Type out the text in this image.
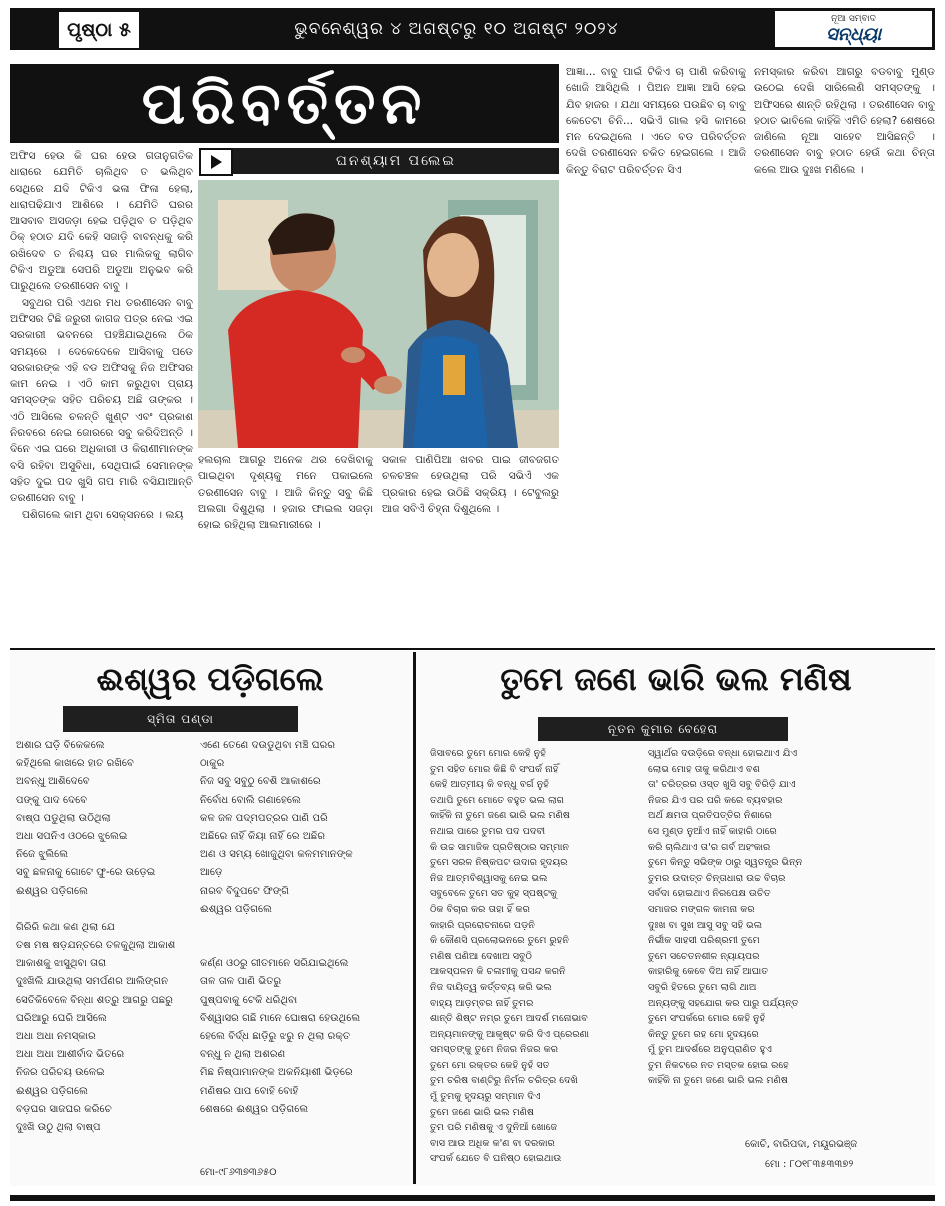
ପୃଷ୍ଠା ୫	ଭୁବନେଶ୍ୱର ୪ ଅଗଷ୍ଟରୁ ୧୦ ଅଗଷ୍ଟ ୨୦୨୪
ନୂଆ ସମ୍ବାଦ
ସନ୍ଧ୍ୟା
ପରିବର୍ତ୍ତନ
ଘନଶ୍ୟାମ ପଲେଇ

ଅଫିସ ହେଉ କି ଘର ହେଉ ଗତାନୁଗତିକ ଧାରାରେ ଯେମିତି ଚାଲିଥିବ ତ ଭଲିଥିବ ସେଥିରେ ଯଦି ଟିକିଏ ଭଳା ଫିଳା ହେଲା, ଧାରାପଢିଯାଏ ଆଶିରେ । ଯେମିତି ଘରର ଆସବାବ ଅସଜଡ଼ା ହେଇ ପଡ଼ିଥିବ ତ ପଡ଼ିଥିବ ଠିକ୍ ହଠାତ ଯଦି କେହି ସଜାଡ଼ି ବାବନ୍ଧକୁ କରି ରଖିଦେବ ତ ନିଶ୍ଚୟ ଘର ମାଲିକକୁ ଲାଗିବ ଟିକିଏ ଅଡୁଆ ସେପରି ଅଡୁଆ ଅନୁଭବ କରି ପାରୁଥିଲେ ତରଣୀସେନ ବାବୁ ।

ସବୁଥର ପରି ଏଥର ମଧ ତରଣୀସେନ ବାବୁ ଅଫିସର ଟିଛି ଜରୁରୀ କାଗଜ ପତ୍ର ନେଇ ଏଇ ସରକାରୀ ଭବନରେ ପହଞ୍ଚିଯାଇଥିଲେ ଠିକ ସମୟରେ । ଦେକେଦେକେ ଆସିବାକୁ ପଡେ ସରକାରଙ୍କ ଏହି ବଡ ଅଫିସକୁ ନିଜ ଅଫିସର କାମ ନେଇ । ଏଠି କାମ କରୁଥିବା ପ୍ରାୟ ସମସ୍ତଙ୍କ ସହିତ ପରିଚୟ ଅଛି ତାଙ୍କର । ଏଠି ଆସିଲେ ଚଳନ୍ତି ଖୁଣ୍ଟ ଏବଂ ପ୍ରକାଶ ନିରବରେ ନେଇ ଜୋରରେ ସବୁ କରିଦିଅନ୍ତି । ଦିନେ ଏଇ ଘରେ ଅଧିକାରୀ ଓ କିରାଣୀମାନଙ୍କ ବସି ରହିବା ଅସୁବିଧା, ସେଥିପାଇଁ ସେମାନଙ୍କ ସହିତ ଦୁଇ ପଦ ଖୁସି ଗପ ମାରି ବସିଯାଆନ୍ତି ତରଣୀସେନ ବାବୁ ।

ପଶିଗଲେ କାମ ଥିବା ସେକ୍ସନରେ । ଲୟ

ହଲଚାଲ ଆଗରୁ ଅନେକ ଥର ଦେଖିବାକୁ ପାଇଥିବା ଦୃଶ୍ୟକୁ ମନେ ପକାଇଲେ ତରଣୀସେନ ବାବୁ । ଆଜି କିନ୍ତୁ ସବୁ କିଛି ଅଲଗା ଦିଶୁଥିଲା । ହଜାର ଫାଇଲ ସଜଡ଼ା ହୋଇ ରହିଥିଲା ଆଲମାରୀରେ ।

ସକାଳ ପାଣିପିଆ ଖବର ପାଇ ଜୀବଜଗତ ଚଳଚଞ୍ଚଳ ହେଉଥିଲା ପରି ସଭିଏଁ ଏକ ପ୍ରକାର ହେଇ ଉଠିଛି ସକ୍ରିୟ । ଟେବୁଲରୁ ଆଜ ସବିଏଁ ଚିହ୍ନା ଦିଶୁଥିଲେ ।

ଆଜ୍ଞା... ବାବୁ ପାଇଁ ଟିକିଏ ଚା ପାଣି କରିବାକୁ ଖୋଜି ଆସିଥିଲି । ପିଅନ ଆଜ୍ଞା ଆସି ହେଇ ଯିବ ହାଜର । ଯଥା ସମୟରେ ପଉଛିବ ଚା ବାବୁ କେତେଟା ଚିନି... ସଭିଏଁ ଗାଲ ହସି କାମରେ ମନ ଦେଇଥିଲେ । ଏତେ ବଡ ପରିବର୍ତ୍ତନ ଦେଖି ତରଣୀସେନ ଚକିତ ହେଇଗଲେ । ଆଜି କିନ୍ତୁ ବିରାଟ ପରିବର୍ତ୍ତନ ସିଏ

ନମସ୍କାର କରିବା ଆଗରୁ ବଡବାବୁ ମୁଣ୍ଡ ଉଠେଇ ଦେଖି ସାରିଲେଣି ସମସ୍ତଙ୍କୁ । ଅଫିସରେ ଶାନ୍ତି ରହିଥିଲା । ତରଣୀସେନ ବାବୁ ହଠାତ ଭାବିଲେ କାହିଁକି ଏମିତି ହେଲା? ଶେଷରେ ଜାଣିଲେ ନୂଆ ସାହେବ ଆସିଛନ୍ତି । ତରଣୀସେନ ବାବୁ ହଠାତ ହେଉଁ କଥା ଚିନ୍ତା କଲେ ଆଉ ଦୁଃଖ ମଣିଲେ ।

ଈଶ୍ୱର ପଡ଼ିଗଲେ
ସ୍ମିତା ପଣ୍ଡା
ଅଶାର ଘଡ଼ି ବିକେକଲେ
କହିଥିଲେ କାଖରେ ହାତ ରଖିବେ
ଅବନ୍ଧୁ ଆଶିଦେବେ
ପଙ୍କୁ ପାଦ ଦେବେ
ବାଷ୍ପ ପଡୁଥିଲା ଉଠିଥିଲା
ଅଧା ସପନିଏ ଓଠରେ ଝୁଲେଇ
ନିଜେ ଝୁଲିଲେ
ସବୁ ଛଳନାକୁ ଗୋଟେ ଫୁ-ରେ ଉଡ଼େଇ
ଈଶ୍ୱର ପଡ଼ିଗଲେ
ଗିରିରି କଥା କଣ ଥିଲା ଯେ
ତଷ ମଷ ଷଡ଼ଯନ୍ତରେ ତଳକୁଥିଲା ଆକାଶ
ଆକାଶକୁ ଝାସୁଥିବା ତାରା
ଦୁଃଖିଲି ଯାଉଥିଲା ସମର୍ପଣର ଆଲିଙ୍ଗନ
ସେତିକିବେଳେ ବିନ୍ଧା ଶତ୍ରୁ ଆଗରୁ ପଛରୁ
ଘରିଆରୁ ଘେରି ଆସିଲେ
ଅଧା ଅଧା ନମସ୍କାର
ଅଧା ଅଧା ଆଶୀର୍ବାଦ ଭିତରେ
ନିଜର ପରିଚୟ ଉଳେଇ
ଈଶ୍ୱର ପଡ଼ିଗଲେ
ବଡ଼ଘର ସାଜଘର କରିଚେ
ଦୁଃଖି ଉଠୁ ଥିଲା ବାଷ୍ପ
ଏଣେ ତେଣେ ଦଉଡୁଥିବା ମଞ୍ଚି ଘରର
ଠାକୁର
ନିଜ ସବୁ ସବୁଠୁ ବେଶି ଆକାଶରେ
ନିର୍ବୋଧ ବୋଲି ଗଣାହେଲେ
କଳ ଜଳ ପଦ୍ମପତ୍ରର ପାଣି ପରି
ଅଛିରେ ନାହିଁ କିୟା ନାହିଁ ରେ ଅଛିର
ଅଣ ଓ ସମ୍ୟ ଖୋଜୁଥିବା କଳମମାନଙ୍କ
ଆଡ଼େ
ନାରବ ବିଦୁପଟେ ଫିଙ୍ଗି
ଈଶ୍ୱର ପଡ଼ିଗଲେ
କର୍ଣ୍ଣ ଓଠରୁ ଗୀତମାନେ ସରିଯାଇଥିଲେ
ତାଳ ତାଳ ପାଣି ଭିତରୁ
ପୁଷ୍ପବାକୁ ଟେକି ଧରିଥିବା
ବିଶ୍ୱାସର ଗଛି ମାନେ ଘୋଷରା ହେଉଥିଲେ
ହେଲେ ବିର୍ଦ୍ଧ ଛାଡ଼ିରୁ ଝରୁ ନ ଥିଲା ରକ୍ତ
ବନ୍ଧୁ ନ ଥିଲା ଅଶରଣ
ମିଛ ନିଷ୍ପାମାନଙ୍କ ଅକନିୟାଶୀ ଭିଡ଼ରେ
ମଣିଷର ପାପ ବୋହି ବୋହି
ଶେଷରେ ଈଶ୍ୱର ପଡ଼ିଗଲେ
ମୋ-୯୮୬୩୭୩୬୫୦
ତୁମେ ଜଣେ ଭାରି ଭଲ ମଣିଷ
ନୂତନ କୁମାର ବେହେରା
ଜିସାବରେ ତୁମେ ମୋର କେହି ନୁହଁ
ତୁମ ସହିତ ମୋର କିଛି ବି ସଂପର୍କ ନାହିଁ
କେହି ଆତ୍ମୀୟ କି ବନ୍ଧୁ ବର୍ଗ ନୁହଁ
ତଥାପି ତୁମେ ମୋତେ ବହୁତ ଭଲ ଲାଗ
କାହିଁକି ନା ତୁମେ ଜଣେ ଭାରି ଭଲ ମଣିଷ
ନଥାଇ ପାରେ ତୁମର ପଦ ପଦବୀ
କି ଉଚ୍ଚ ସାମାଜିକ ପ୍ରତିଷ୍ଠାର ସମ୍ମାନ
ତୁମେ ସରଳ ନିଷ୍କପଟ ଉଦାର ହୃଦୟର
ନିଜ ଆତ୍ମବିଶ୍ୱାସକୁ ନେଇ ଭଲ
ସବୁବେଳେ ତୁମେ ସତ କୁହ ସ୍ପଷ୍ଟକୁ
ଠିକ ବିଚାର କର ତାହା ହିଁ କର
କାହାରି ପ୍ରରୋଚନାରେ ପଡ଼ନି
କି କୌଣସି ପ୍ରଲୋଭନରେ ତୁମେ ରୁହନି
ମଣିଷ ପଣିଆ ଦେଖାଅ ସବୁଠି
ଆକସ୍ପଳନ କି ଚଳାମୀକୁ ପସନ୍ଦ କରନି
ନିଜ ଦାୟିତ୍ୱ କର୍ତ୍ତବ୍ୟ କରି ଭଲ
ବାହ୍ୟ ଆଡ଼ମ୍ବର ନାହିଁ ତୁମର
ଶାନ୍ତି ଶିଷ୍ଟ ନମ୍ର ତୁମେ ଆଦର୍ଶ ମନୋଭାବ
ଅନ୍ୟମାନଙ୍କୁ ଆକୃଷ୍ଟ କରି ଦିଏ ପ୍ରେରଣା
ସମସ୍ତଙ୍କୁ ତୁମେ ନିଜର ନିଜର କର
ତୁମେ ମୋ ରକ୍ତର କେହି ନୁହଁ ସତ
ତୁମ ଚରିଷ ବାଣ୍ଟିରୁ ନିର୍ମଳ ଚରିତ୍ର ଦେଖି
ମୁଁ ତୁମକୁ ହୃଦୟରୁ ସମ୍ମାନ ଦିଏ
ତୁମେ ଜଣେ ଭାରି ଭଲ ମଣିଷ
ତୁମ ପରି ମଣିଷକୁ ଏ ଦୁନିଆଁ ଖୋଜେ
ବାସ ଆଉ ଅଧିକ କ'ଣ ବା ଦରକାର
ସଂପର୍କ ଯେତେ ବି ଘନିଷ୍ଠ ହୋଇଥାଉ
ସ୍ୱାର୍ଥର ଦଉଡ଼ିରେ ବନ୍ଧା ହୋଇଥାଏ ଯିଏ
ଲୋଭ ମୋହ ତାକୁ କରିଥାଏ ବଶ
ତା' ଚରିତ୍ରର ଓସ୍ତ ଖୁସି ସବୁ ବିରିଡ଼ି ଯାଏ
ନିଜର ଯିଏ ପର ପରି କରେ ବ୍ୟବହାର
ଅର୍ଥ କ୍ଷମତା ପ୍ରତିପତ୍ତିର ନିଶାରେ
ସେ ମୁଣ୍ଡ ନୁଆଁଏ ନାହିଁ କାହାରି ଠାରେ
କରି ଚାଲିଥାଏ ତା'ର ଗର୍ବ ଅହଂକାର
ତୁମେ କିନ୍ତୁ ସଭିଙ୍କ ଠାରୁ ସ୍ୱତନ୍ତ୍ର ଭିନ୍ନ
ତୁମର ଉଦାତ୍ତ ଚିନ୍ତାଧାରା ଉଚ୍ଚ ବିଚାର
ସର୍ବଦା ହୋଇଥାଏ ନିରପେକ୍ଷ ଉଚିତ
ସମାଜର ମଙ୍ଗଳ କାମନା କର
ଦୁଃଖ ବା ସୁଖ ଆସୁ ସବୁ ସହି ଭଲ
ନିର୍ଭୀକ ସାହସୀ ପରିଶ୍ରମୀ ତୁମେ
ତୁମେ ସଚେତନଶୀଳ ନ୍ୟାୟପର
କାହାରିକୁ କେବେ ଦିଅ ନାହିଁ ଆଘାତ
ସବୁରି ହିତରେ ତୁମେ ଲାଗି ଥାଅ
ଅନ୍ୟଙ୍କୁ ସହଯୋଗ କର ପାରୁ ପର୍ଯ୍ୟନ୍ତ
ତୁମେ ସଂପର୍କରେ ମୋର କେହି ନୁହଁ
କିନ୍ତୁ ତୁମେ ରହ ମୋ ହୃଦୟରେ
ମୁଁ ତୁମ ଆଦର୍ଶରେ ଅନୁପ୍ରାଣିତ ହୁଏ
ତୁମ ନିକଟରେ ନତ ମସ୍ତକ ହୋଇ ରହେ
କାହିଁକି ନା ତୁମେ ଜଣେ ଭାରି ଭଲ ମଣିଷ
କୋଚି, ବାରିପଦା, ମୟୂରଭଞ୍ଜ
ମୋ : ୮୦୧୮୩୫୩୩୭୨
